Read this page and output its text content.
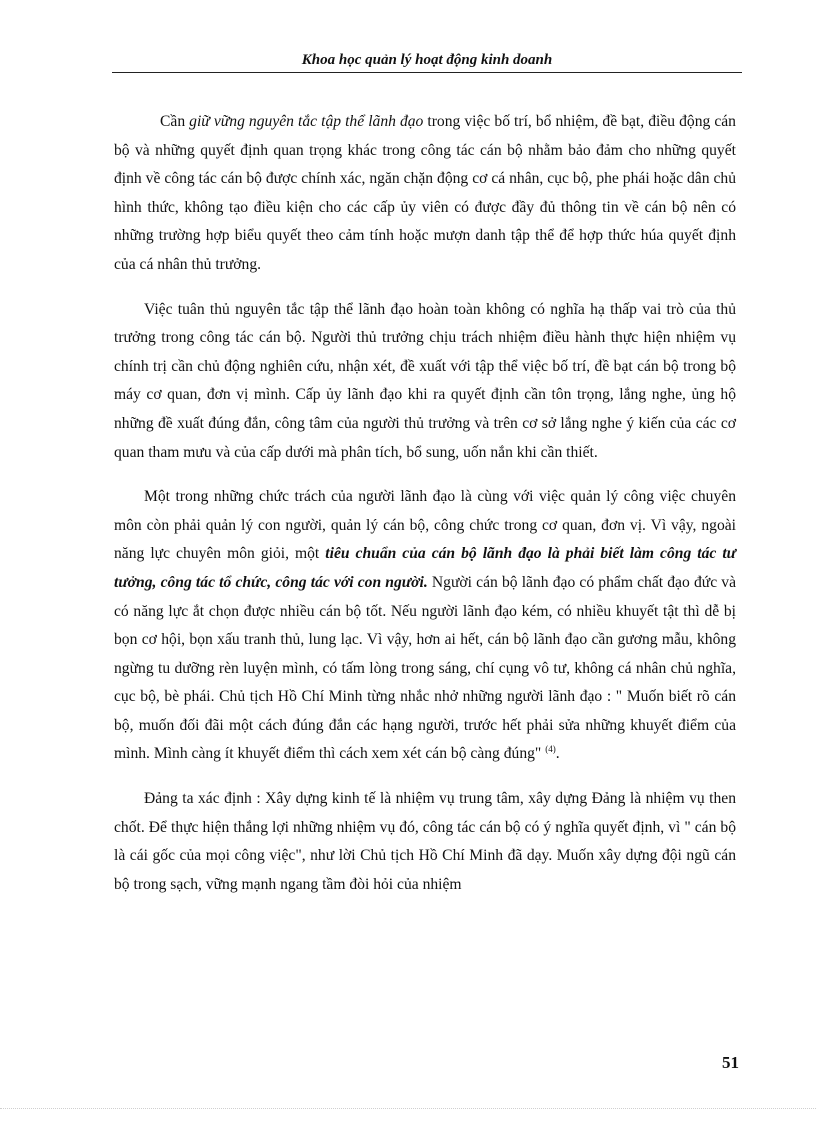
Khoa học quản lý hoạt động kinh doanh

Cần giữ vững nguyên tắc tập thể lãnh đạo trong việc bố trí, bổ nhiệm, đề bạt, điều động cán bộ và những quyết định quan trọng khác trong công tác cán bộ nhằm bảo đảm cho những quyết định về công tác cán bộ được chính xác, ngăn chặn động cơ cá nhân, cục bộ, phe phái hoặc dân chủ hình thức, không tạo điều kiện cho các cấp ủy viên có được đầy đủ thông tin về cán bộ nên có những trường hợp biểu quyết theo cảm tính hoặc mượn danh tập thể để hợp thức húa quyết định của cá nhân thủ trưởng.

Việc tuân thủ nguyên tắc tập thể lãnh đạo hoàn toàn không có nghĩa hạ thấp vai trò của thủ trưởng trong công tác cán bộ. Người thủ trưởng chịu trách nhiệm điều hành thực hiện nhiệm vụ chính trị cần chủ động nghiên cứu, nhận xét, đề xuất với tập thể việc bố trí, đề bạt cán bộ trong bộ máy cơ quan, đơn vị mình. Cấp ủy lãnh đạo khi ra quyết định cần tôn trọng, lắng nghe, ủng hộ những đề xuất đúng đắn, công tâm của người thủ trưởng và trên cơ sở lắng nghe ý kiến của các cơ quan tham mưu và của cấp dưới mà phân tích, bổ sung, uốn nắn khi cần thiết.

Một trong những chức trách của người lãnh đạo là cùng với việc quản lý công việc chuyên môn còn phải quản lý con người, quản lý cán bộ, công chức trong cơ quan, đơn vị. Vì vậy, ngoài năng lực chuyên môn giỏi, một tiêu chuẩn của cán bộ lãnh đạo là phải biết làm công tác tư tưởng, công tác tổ chức, công tác với con người. Người cán bộ lãnh đạo có phẩm chất đạo đức và có năng lực ắt chọn được nhiều cán bộ tốt. Nếu người lãnh đạo kém, có nhiều khuyết tật thì dễ bị bọn cơ hội, bọn xấu tranh thủ, lung lạc. Vì vậy, hơn ai hết, cán bộ lãnh đạo cần gương mẫu, không ngừng tu dưỡng rèn luyện mình, có tấm lòng trong sáng, chí cụng vô tư, không cá nhân chủ nghĩa, cục bộ, bè phái. Chủ tịch Hồ Chí Minh từng nhắc nhở những người lãnh đạo : " Muốn biết rõ cán bộ, muốn đối đãi một cách đúng đắn các hạng người, trước hết phải sửa những khuyết điểm của mình. Mình càng ít khuyết điểm thì cách xem xét cán bộ càng đúng" $^{(4)}$.

Đảng ta xác định : Xây dựng kinh tế là nhiệm vụ trung tâm, xây dựng Đảng là nhiệm vụ then chốt. Để thực hiện thắng lợi những nhiệm vụ đó, công tác cán bộ có ý nghĩa quyết định, vì " cán bộ là cái gốc của mọi công việc", như lời Chủ tịch Hồ Chí Minh đã dạy. Muốn xây dựng đội ngũ cán bộ trong sạch, vững mạnh ngang tầm đòi hỏi của nhiệm

51
